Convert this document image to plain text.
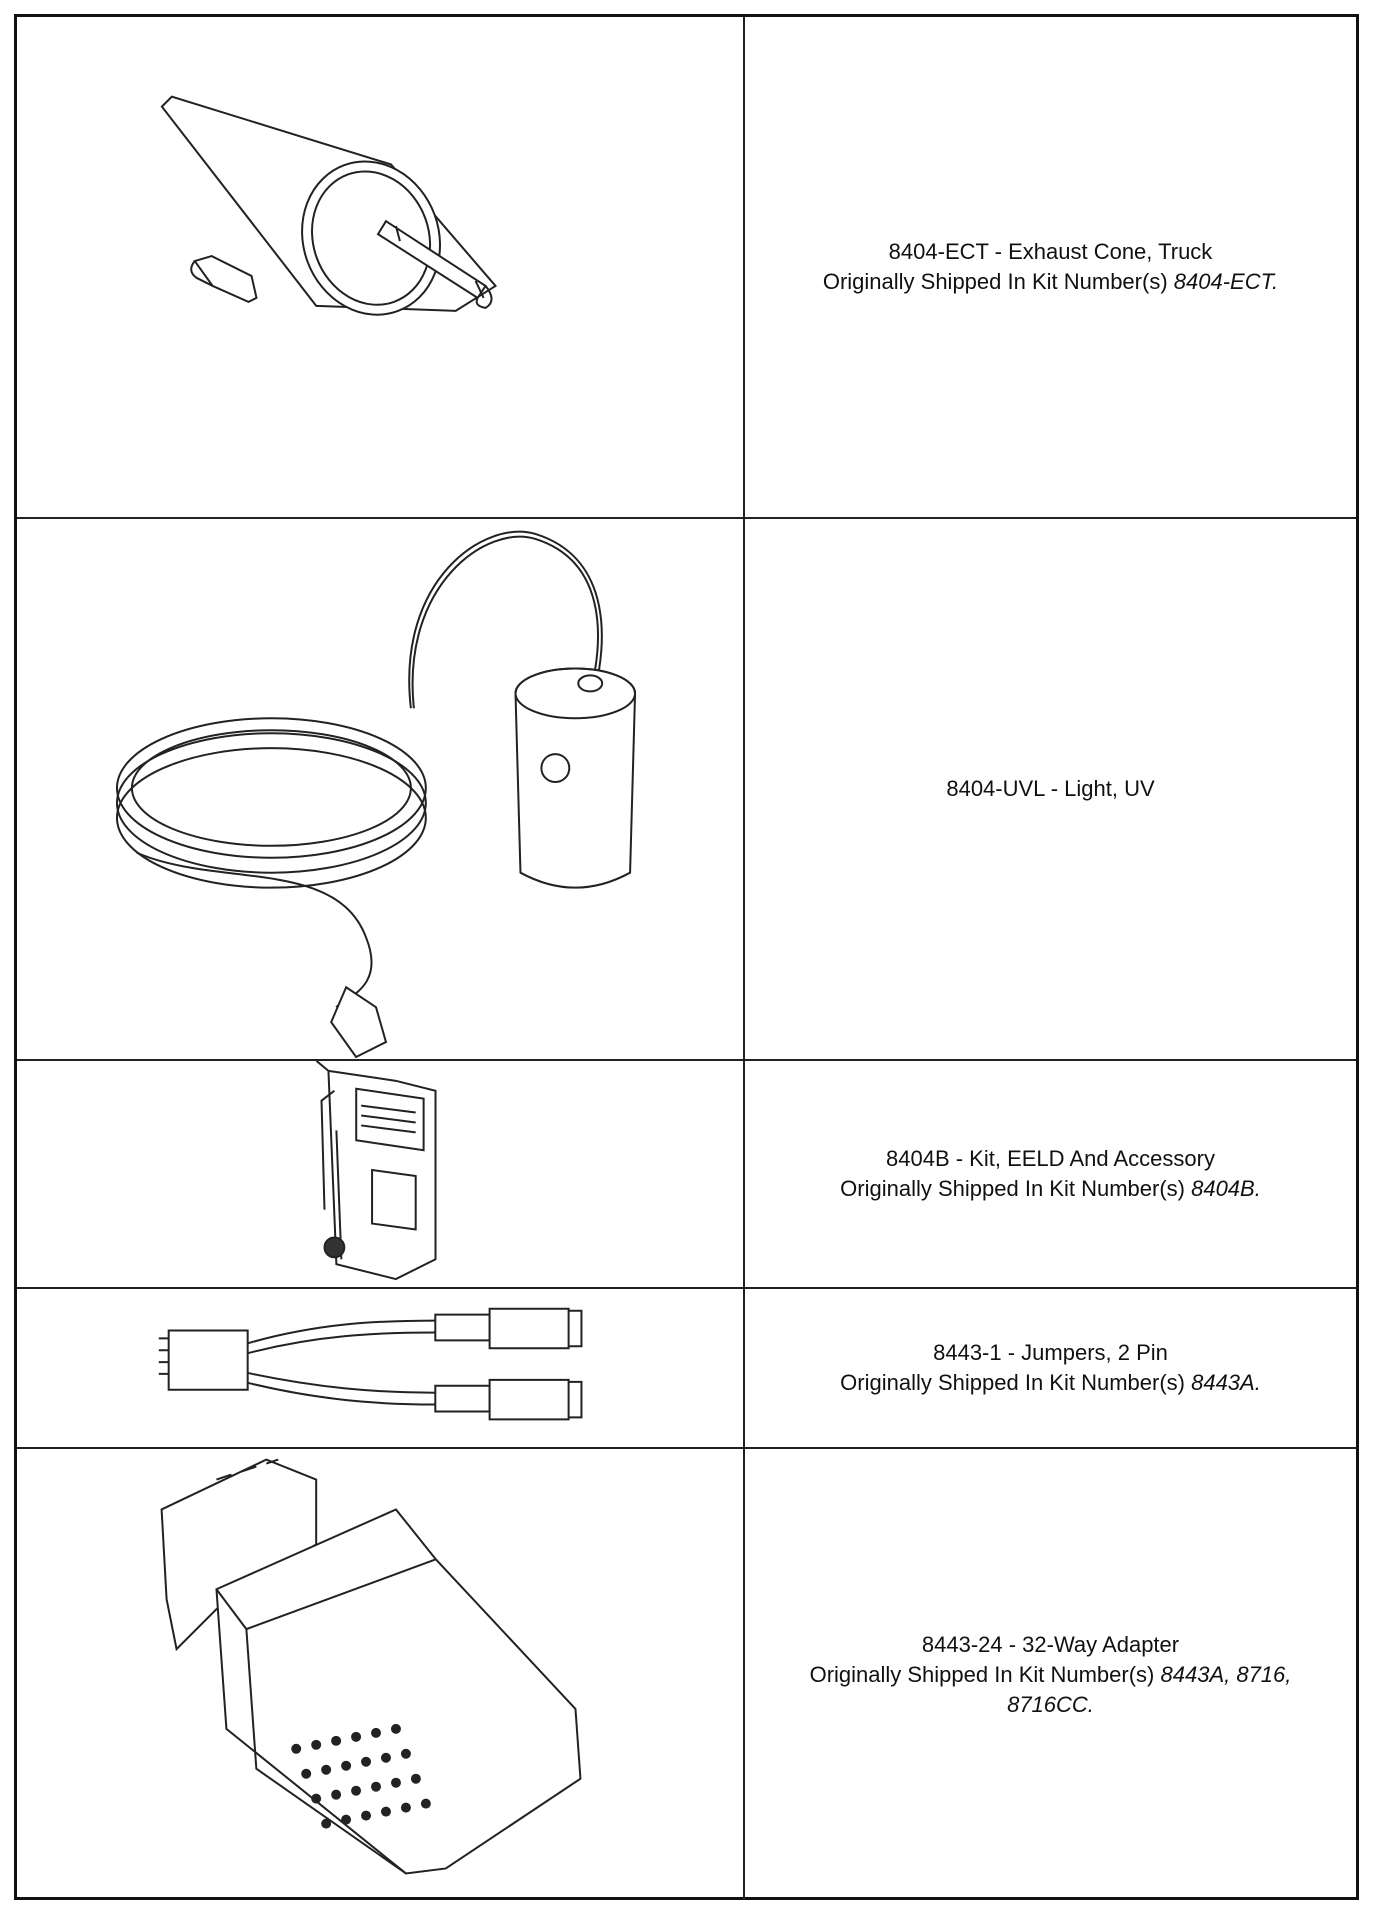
8404-ECT - Exhaust Cone, Truck
Originally Shipped In Kit Number(s) 8404-ECT.
8404-UVL - Light, UV
8404B - Kit, EELD And Accessory
Originally Shipped In Kit Number(s) 8404B.
8443-1 - Jumpers, 2 Pin
Originally Shipped In Kit Number(s) 8443A.
8443-24 - 32-Way Adapter
Originally Shipped In Kit Number(s) 8443A, 8716,
8716CC.
